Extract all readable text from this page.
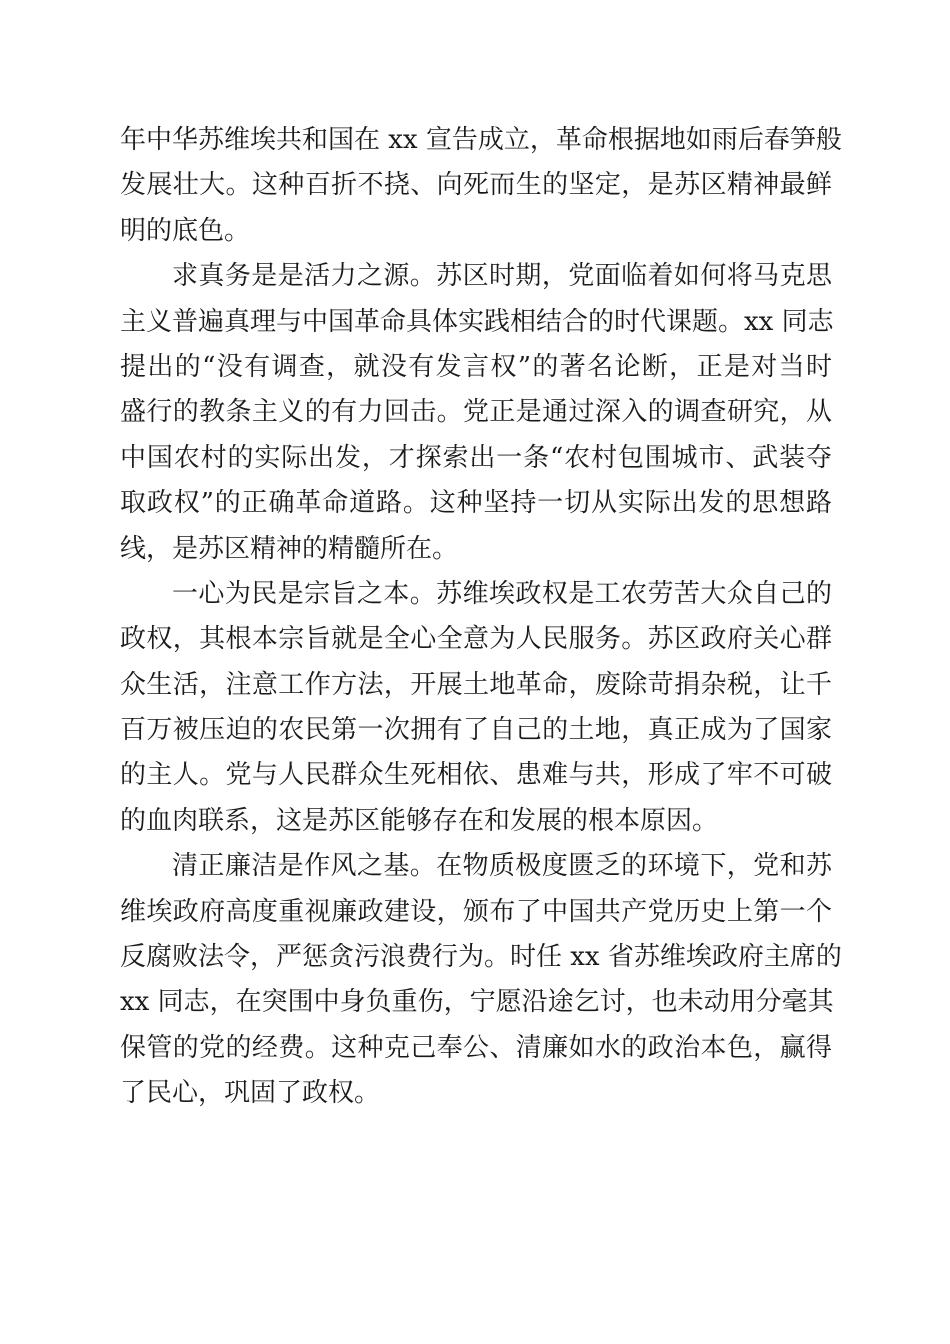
年中华苏维埃共和国在 xx 宣告成立，革命根据地如雨后春笋般
发展壮大。这种百折不挠、向死而生的坚定，是苏区精神最鲜
明的底色。
求真务是是活力之源。苏区时期，党面临着如何将马克思
主义普遍真理与中国革命具体实践相结合的时代课题。xx 同志
提出的“没有调查，就没有发言权”的著名论断，正是对当时
盛行的教条主义的有力回击。党正是通过深入的调查研究，从
中国农村的实际出发，才探索出一条“农村包围城市、武装夺
取政权”的正确革命道路。这种坚持一切从实际出发的思想路
线，是苏区精神的精髓所在。
一心为民是宗旨之本。苏维埃政权是工农劳苦大众自己的
政权，其根本宗旨就是全心全意为人民服务。苏区政府关心群
众生活，注意工作方法，开展土地革命，废除苛捐杂税，让千
百万被压迫的农民第一次拥有了自己的土地，真正成为了国家
的主人。党与人民群众生死相依、患难与共，形成了牢不可破
的血肉联系，这是苏区能够存在和发展的根本原因。
清正廉洁是作风之基。在物质极度匮乏的环境下，党和苏
维埃政府高度重视廉政建设，颁布了中国共产党历史上第一个
反腐败法令，严惩贪污浪费行为。时任 xx 省苏维埃政府主席的
xx 同志，在突围中身负重伤，宁愿沿途乞讨，也未动用分毫其
保管的党的经费。这种克己奉公、清廉如水的政治本色，赢得
了民心，巩固了政权。
